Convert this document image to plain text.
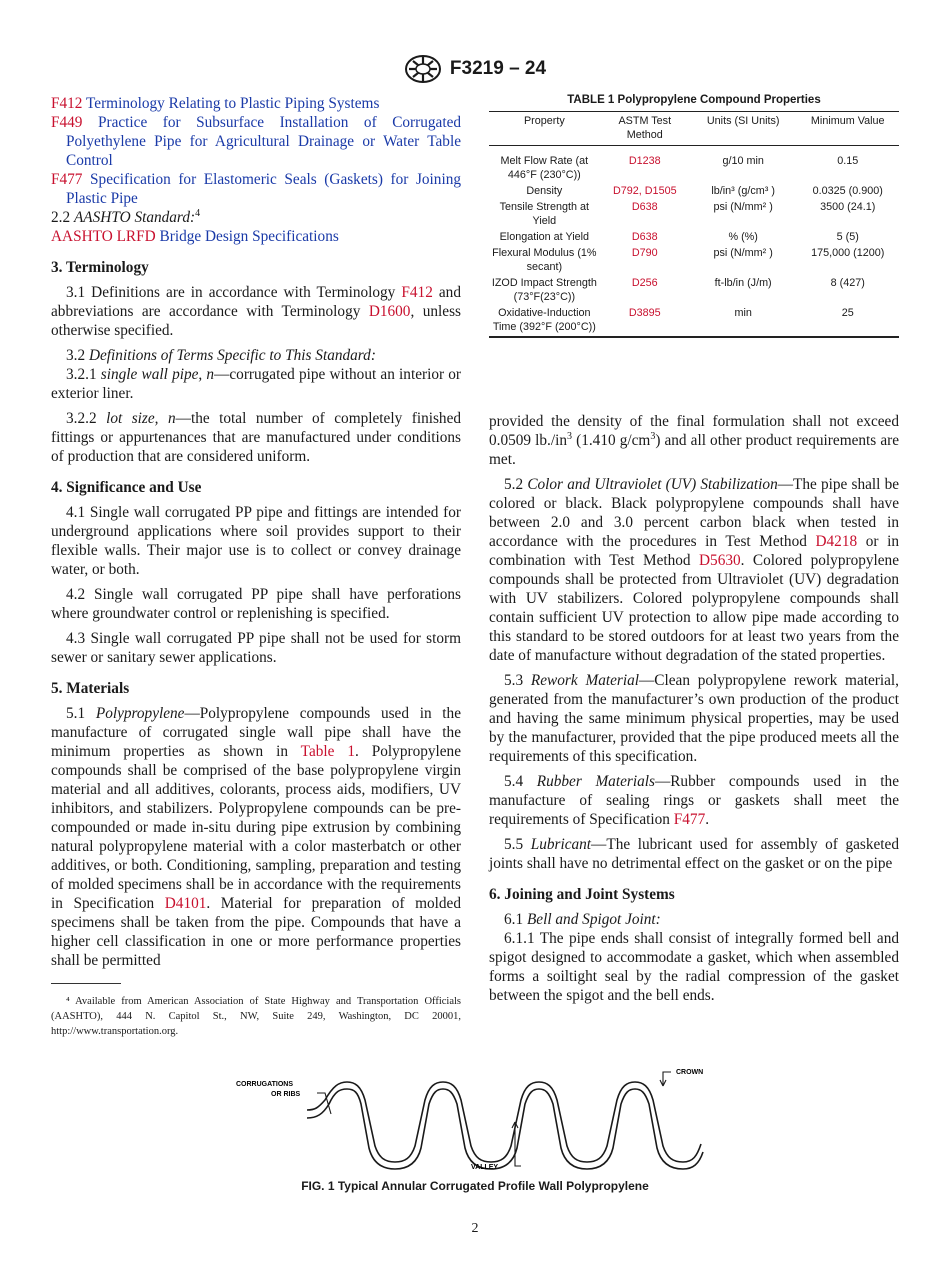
F3219 – 24

F412 Terminology Relating to Plastic Piping Systems

F449 Practice for Subsurface Installation of Corrugated Polyethylene Pipe for Agricultural Drainage or Water Table Control

F477 Specification for Elastomeric Seals (Gaskets) for Joining Plastic Pipe

2.2 AASHTO Standard:$^4$

AASHTO LRFD Bridge Design Specifications

3. Terminology

3.1 Definitions are in accordance with Terminology F412 and abbreviations are accordance with Terminology D1600, unless otherwise specified.

3.2 Definitions of Terms Specific to This Standard:

3.2.1 single wall pipe, n—corrugated pipe without an interior or exterior liner.

3.2.2 lot size, n—the total number of completely finished fittings or appurtenances that are manufactured under conditions of production that are considered uniform.

4. Significance and Use

4.1 Single wall corrugated PP pipe and fittings are intended for underground applications where soil provides support to their flexible walls. Their major use is to collect or convey drainage water, or both.

4.2 Single wall corrugated PP pipe shall have perforations where groundwater control or replenishing is specified.

4.3 Single wall corrugated PP pipe shall not be used for storm sewer or sanitary sewer applications.

5. Materials

5.1 Polypropylene—Polypropylene compounds used in the manufacture of corrugated single wall pipe shall have the minimum properties as shown in Table 1. Polypropylene compounds shall be comprised of the base polypropylene virgin material and all additives, colorants, process aids, modifiers, UV inhibitors, and stabilizers. Polypropylene compounds can be pre-compounded or made in-situ during pipe extrusion by combining natural polypropylene material with a color masterbatch or other additives, or both. Conditioning, sampling, preparation and testing of molded specimens shall be in accordance with the requirements in Specification D4101. Material for preparation of molded specimens shall be taken from the pipe. Compounds that have a higher cell classification in one or more performance properties shall be permitted

⁴ Available from American Association of State Highway and Transportation Officials (AASHTO), 444 N. Capitol St., NW, Suite 249, Washington, DC 20001, http://www.transportation.org.

TABLE 1 Polypropylene Compound Properties
Property	ASTM Test Method	Units (SI Units)	Minimum Value
Melt Flow Rate (at 446°F (230°C))	D1238	g/10 min	0.15
Density	D792, D1505	lb/in³ (g/cm³ )	0.0325 (0.900)
Tensile Strength at Yield	D638	psi (N/mm² )	3500 (24.1)
Elongation at Yield	D638	% (%)	5 (5)
Flexural Modulus (1% secant)	D790	psi (N/mm² )	175,000 (1200)
IZOD Impact Strength (73°F(23°C))	D256	ft-lb/in (J/m)	8 (427)
Oxidative-Induction Time (392°F (200°C))	D3895	min	25

provided the density of the final formulation shall not exceed 0.0509 $lb./in^3$ (1.410 $g/cm^3$) and all other product requirements are met.

5.2 Color and Ultraviolet (UV) Stabilization—The pipe shall be colored or black. Black polypropylene compounds shall have between 2.0 and 3.0 percent carbon black when tested in accordance with the procedures in Test Method D4218 or in combination with Test Method D5630. Colored polypropylene compounds shall be protected from Ultraviolet (UV) degradation with UV stabilizers. Colored polypropylene compounds shall contain sufficient UV protection to allow pipe made according to this standard to be stored outdoors for at least two years from the date of manufacture without degradation of the stated properties.

5.3 Rework Material—Clean polypropylene rework material, generated from the manufacturer’s own production of the product and having the same minimum physical properties, may be used by the manufacturer, provided that the pipe produced meets all the requirements of this specification.

5.4 Rubber Materials—Rubber compounds used in the manufacture of sealing rings or gaskets shall meet the requirements of Specification F477.

5.5 Lubricant—The lubricant used for assembly of gasketed joints shall have no detrimental effect on the gasket or on the pipe

6. Joining and Joint Systems

6.1 Bell and Spigot Joint:

6.1.1 The pipe ends shall consist of integrally formed bell and spigot designed to accommodate a gasket, which when assembled forms a soiltight seal by the radial compression of the gasket between the spigot and the bell ends.

CORRUGATIONS
OR RIBS
CROWN
VALLEY
FIG. 1 Typical Annular Corrugated Profile Wall Polypropylene
2
